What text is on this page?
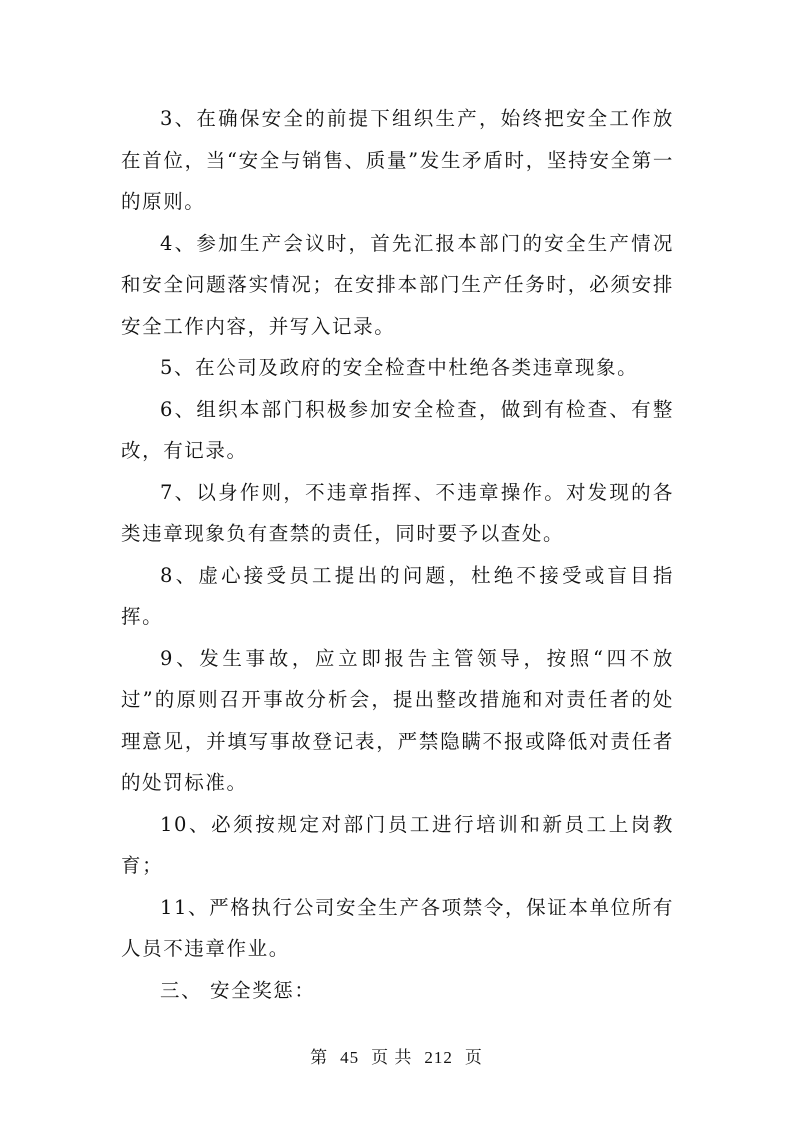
3、在确保安全的前提下组织生产，始终把安全工作放在首位，当“安全与销售、质量”发生矛盾时，坚持安全第一的原则。

4、参加生产会议时，首先汇报本部门的安全生产情况和安全问题落实情况；在安排本部门生产任务时，必须安排安全工作内容，并写入记录。

5、在公司及政府的安全检查中杜绝各类违章现象。

6、组织本部门积极参加安全检查，做到有检查、有整改，有记录。

7、以身作则，不违章指挥、不违章操作。对发现的各类违章现象负有查禁的责任，同时要予以查处。

8、虚心接受员工提出的问题，杜绝不接受或盲目指挥。

9、发生事故，应立即报告主管领导，按照“四不放过”的原则召开事故分析会，提出整改措施和对责任者的处理意见，并填写事故登记表，严禁隐瞒不报或降低对责任者的处罚标准。

10、必须按规定对部门员工进行培训和新员工上岗教育；

11、严格执行公司安全生产各项禁令，保证本单位所有人员不违章作业。

三、 安全奖惩：

第 45 页 共 212 页
